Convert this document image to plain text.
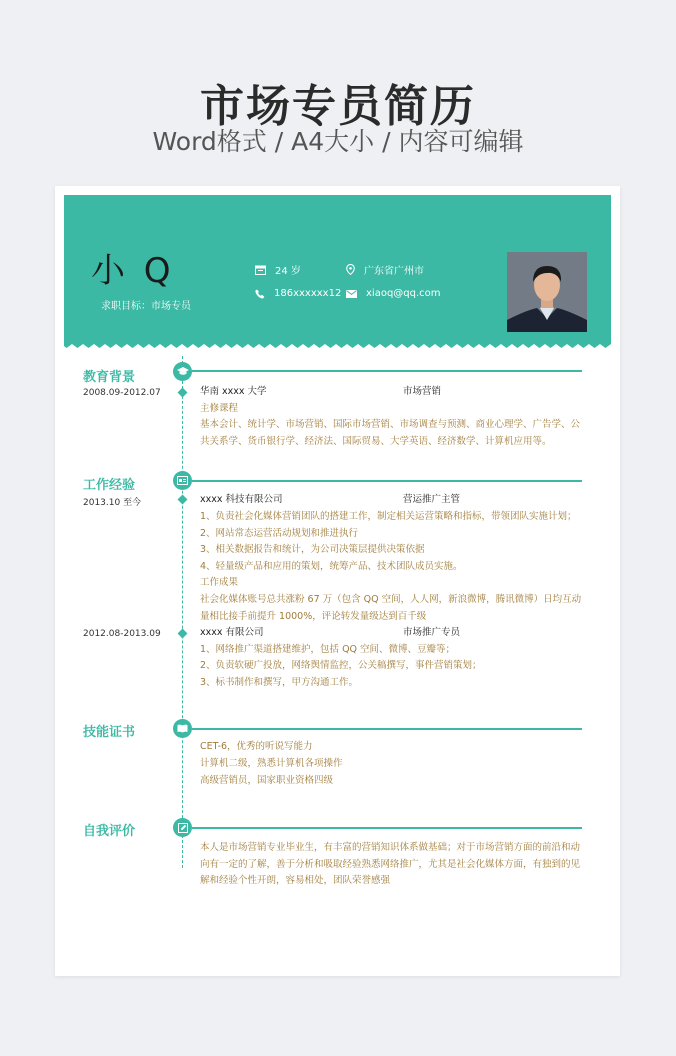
市场专员简历
Word格式 / A4大小 / 内容可编辑
小 Q
求职目标：市场专员
24 岁	广东省广州市
186xxxxxx12 xiaoq@qq.com
教育背景
2008.09-2012.07	华南 xxxx 大学	市场营销
主修课程
基本会计、统计学、市场营销、国际市场营销、市场调查与预测、商业心理学、广告学、公共关系学、货币银行学、经济法、国际贸易、大学英语、经济数学、计算机应用等。
工作经验
2013.10 至今	xxxx 科技有限公司	营运推广主管
1、负责社会化媒体营销团队的搭建工作，制定相关运营策略和指标，带领团队实施计划；
2、网站常态运营活动规划和推进执行
3、相关数据报告和统计，为公司决策层提供决策依据
4、轻量级产品和应用的策划，统筹产品、技术团队成员实施。
工作成果
社会化媒体账号总共涨粉 67 万（包含 QQ 空间，人人网，新浪微博，腾讯微博）日均互动量相比接手前提升 1000%，评论转发量级达到百千级
2012.08-2013.09	xxxx 有限公司	市场推广专员
1、网络推广渠道搭建维护，包括 QQ 空间、微博、豆瓣等；
2、负责软硬广投放，网络舆情监控，公关稿撰写，事件营销策划；
3、标书制作和撰写，甲方沟通工作。
技能证书
CET-6，优秀的听说写能力
计算机二级，熟悉计算机各项操作
高级营销员，国家职业资格四级
自我评价
本人是市场营销专业毕业生，有丰富的营销知识体系做基础；对于市场营销方面的前沿和动向有一定的了解，善于分析和吸取经验熟悉网络推广，尤其是社会化媒体方面，有独到的见解和经验个性开朗，容易相处，团队荣誉感强
